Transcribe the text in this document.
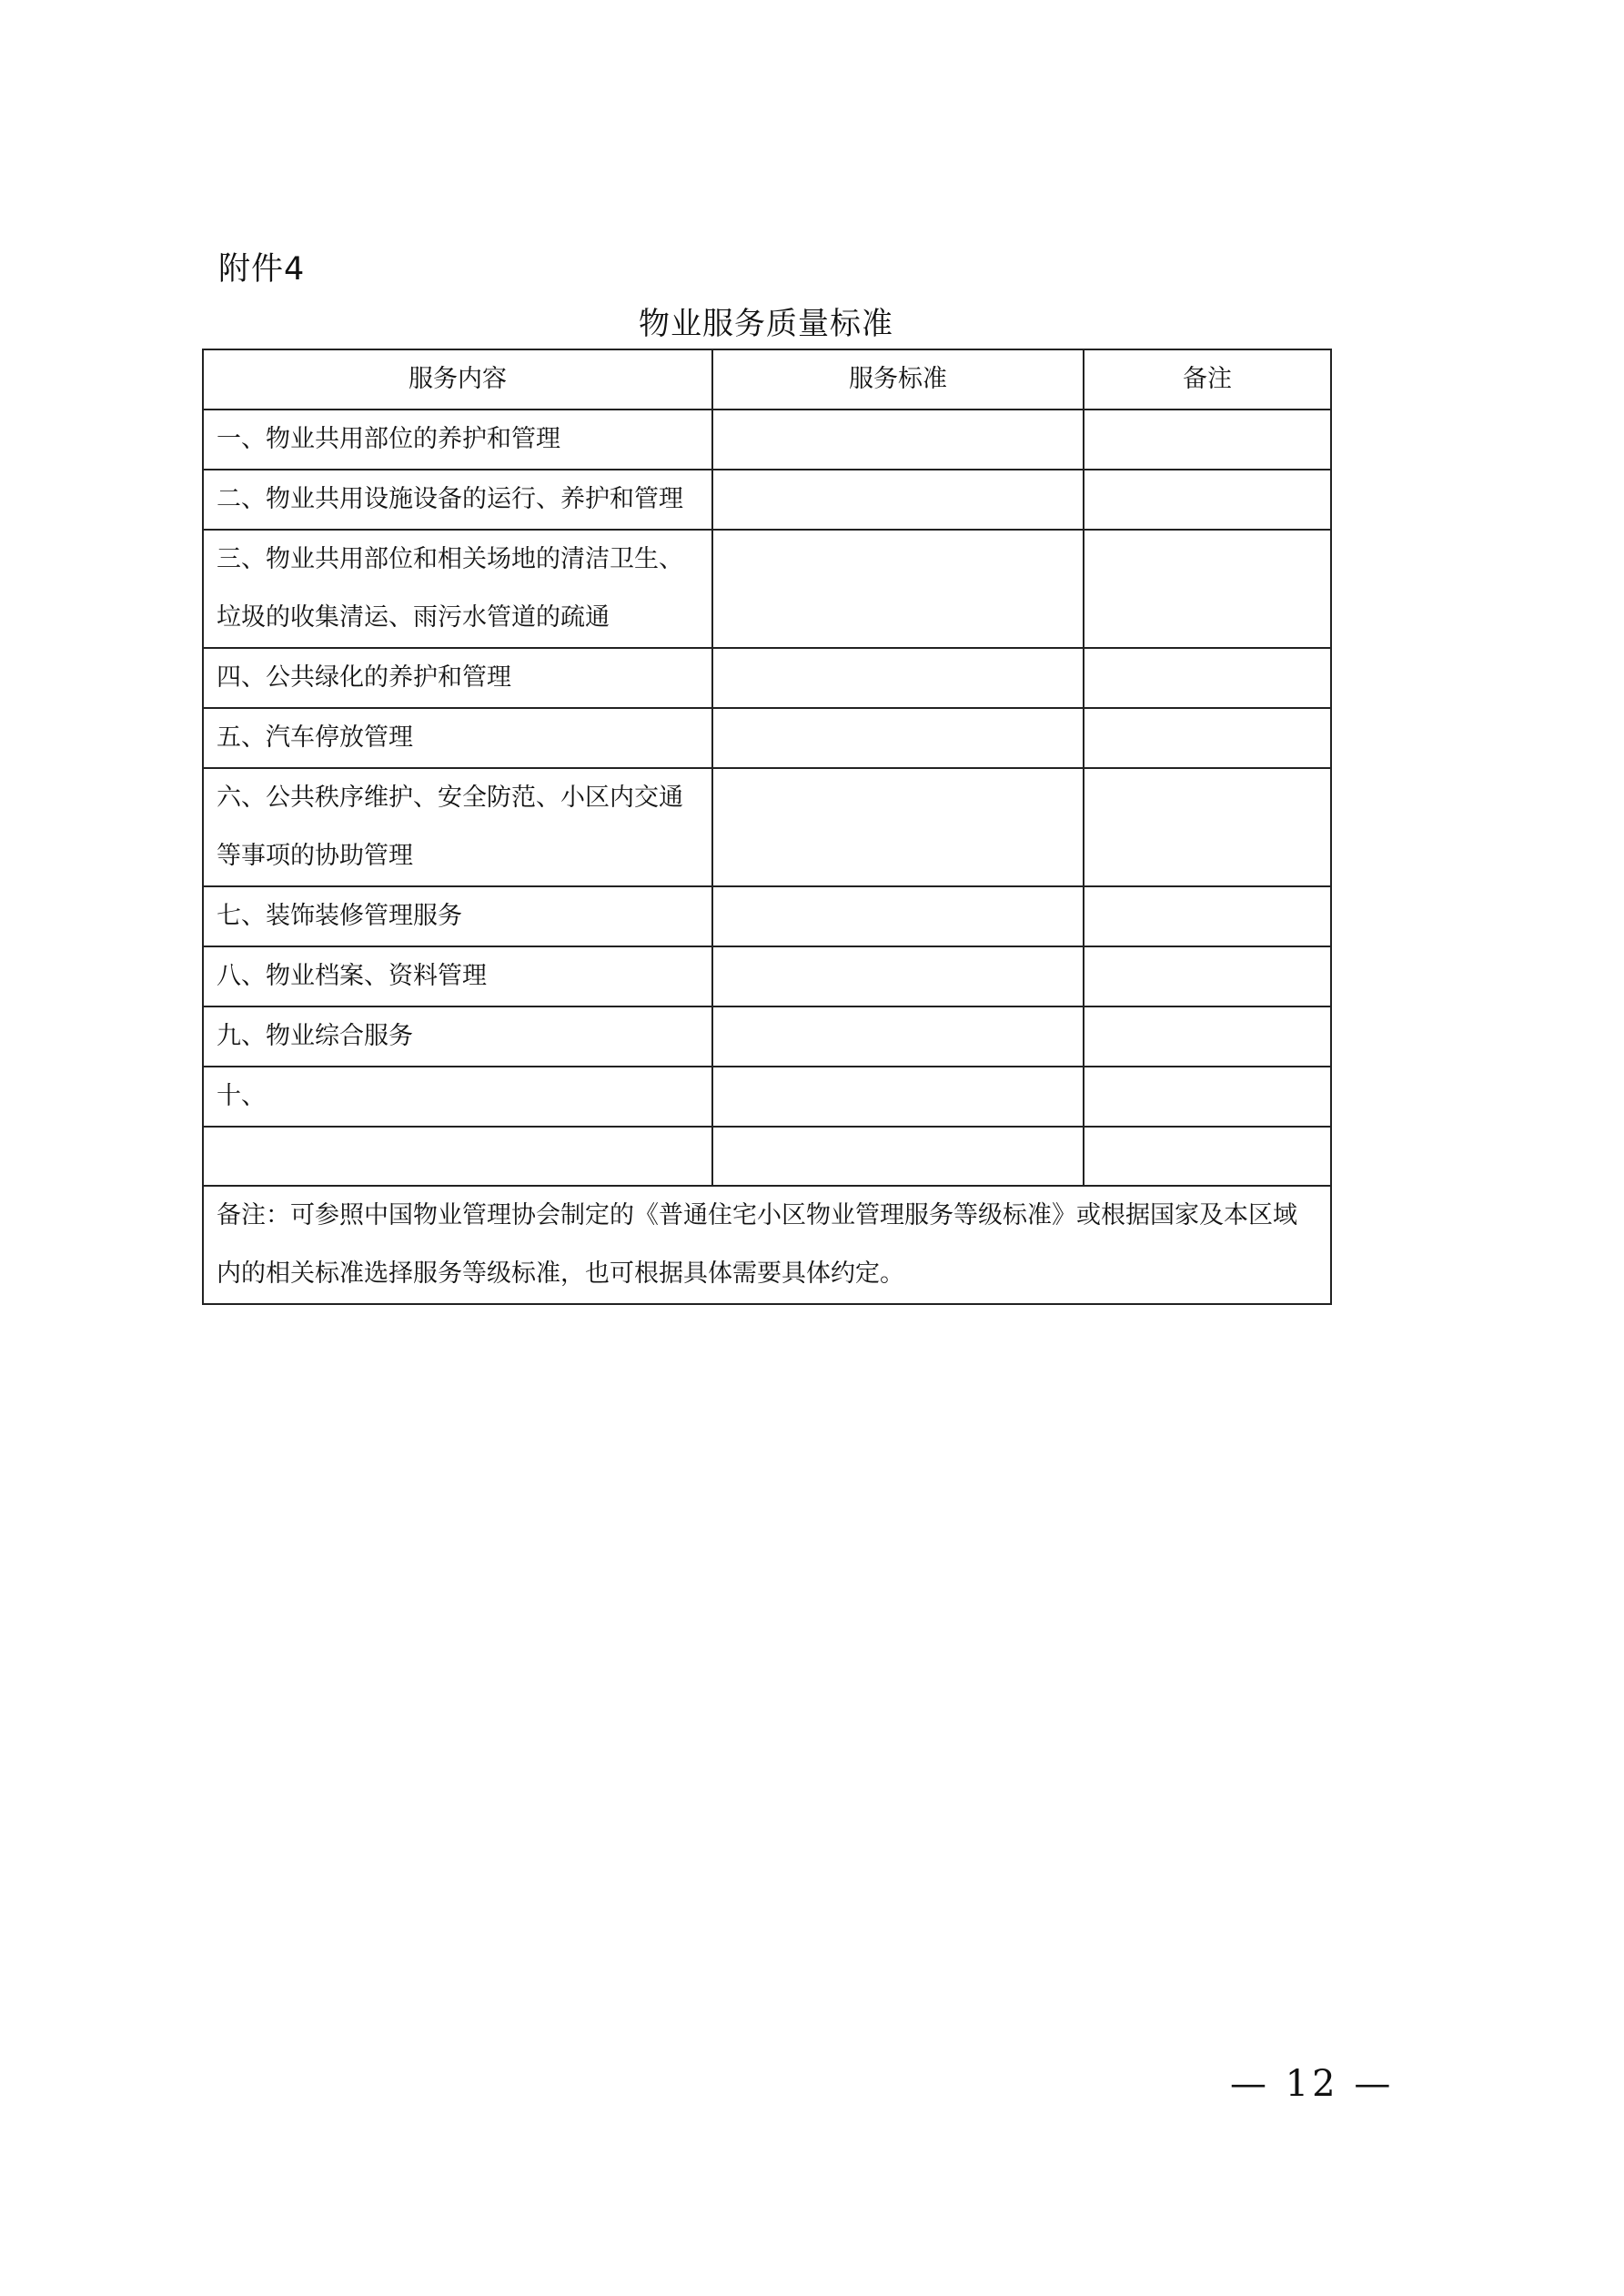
附件4
物业服务质量标准
服务内容	服务标准	备注
一、物业共用部位的养护和管理		
二、物业共用设施设备的运行、养护和管理		
三、物业共用部位和相关场地的清洁卫生、垃圾的收集清运、雨污水管道的疏通		
四、公共绿化的养护和管理		
五、汽车停放管理		
六、公共秩序维护、安全防范、小区内交通等事项的协助管理		
七、装饰装修管理服务		
八、物业档案、资料管理		
九、物业综合服务		
十、		

备注：可参照中国物业管理协会制定的《普通住宅小区物业管理服务等级标准》或根据国家及本区域内的相关标准选择服务等级标准，也可根据具体需要具体约定。		
— 12 —
